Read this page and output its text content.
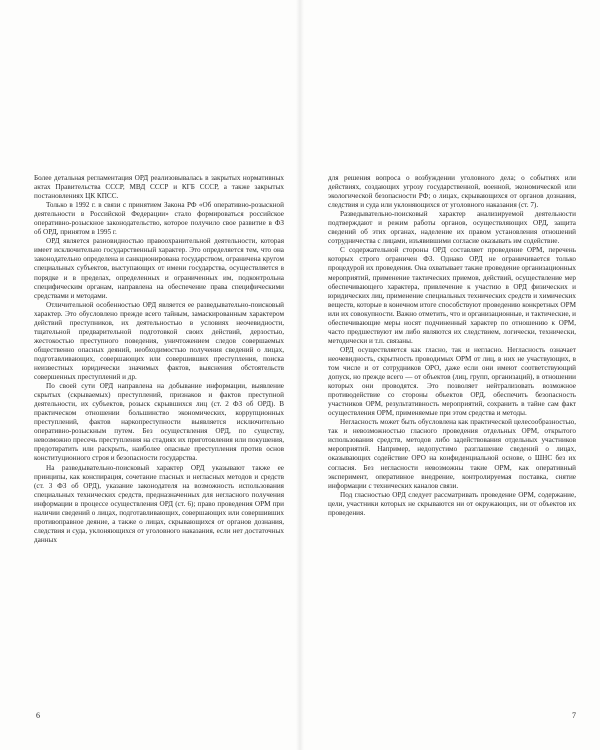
Более детальная регламентация ОРД реализовывалась в закрытых нормативных актах Правительства СССР, МВД СССР и КГБ СССР, а также закрытых постановлениях ЦК КПСС.

Только в 1992 г. в связи с принятием Закона РФ «Об оперативно-розыскной деятельности в Российской Федерации» стало формироваться российское оперативно-розыскное законодательство, которое получило свое развитие в ФЗ об ОРД, принятом в 1995 г.

ОРД является разновидностью правоохранительной деятельности, которая имеет исключительно государственный характер. Это определяется тем, что она законодательно определена и санкционирована государством, ограничена кругом специальных субъектов, выступающих от имени государства, осуществляется в порядке и в пределах, определенных и ограниченных им, подконтрольна специфическим органам, направлена на обеспечение права специфическими средствами и методами.

Отличительной особенностью ОРД является ее разведывательно-поисковый характер. Это обусловлено прежде всего тайным, замаскированным характером действий преступников, их деятельностью в условиях неочевидности, тщательной предварительной подготовкой своих действий, дерзостью, жестокостью преступного поведения, уничтожением следов совершаемых общественно опасных деяний, необходимостью получения сведений о лицах, подготавливающих, совершающих или совершивших преступления, поиска неизвестных юридически значимых фактов, выяснения обстоятельств совершенных преступлений и др.

По своей сути ОРД направлена на добывание информации, выявление скрытых (скрываемых) преступлений, признаков и фактов преступной деятельности, их субъектов, розыск скрывшихся лиц (ст. 2 ФЗ об ОРД). В практическом отношении большинство экономических, коррупционных преступлений, фактов наркопреступности выявляется исключительно оперативно-розыскным путем. Без осуществления ОРД, по существу, невозможно пресечь преступления на стадиях их приготовления или покушения, предотвратить или раскрыть, наиболее опасные преступления против основ конституционного строя и безопасности государства.

На разведывательно-поисковый характер ОРД указывают также ее принципы, как конспирация, сочетание гласных и негласных методов и средств (ст. 3 ФЗ об ОРД), указание законодателя на возможность использования специальных технических средств, предназначенных для негласного получения информации в процессе осуществления ОРД (ст. 6); право проведения ОРМ при наличии сведений о лицах, подготавливающих, совершающих или совершивших противоправное деяние, а также о лицах, скрывающихся от органов дознания, следствия и суда, уклоняющихся от уголовного наказания, если нет достаточных данных

для решения вопроса о возбуждении уголовного дела; о событиях или действиях, создающих угрозу государственной, военной, экономической или экологической безопасности РФ; о лицах, скрывающихся от органов дознания, следствия и суда или уклоняющихся от уголовного наказания (ст. 7).

Разведывательно-поисковый характер анализируемой деятельности подтверждают и режим работы органов, осуществляющих ОРД, защита сведений об этих органах, наделение их правом установления отношений сотрудничества с лицами, изъявившими согласие оказывать им содействие.

С содержательной стороны ОРД составляет проведение ОРМ, перечень которых строго ограничен ФЗ. Однако ОРД не ограничивается только процедурой их проведения. Она охватывает также проведение организационных мероприятий, применение тактических приемов, действий, осуществление мер обеспечивающего характера, привлечение к участию в ОРД физических и юридических лиц, применение специальных технических средств и химических веществ, которые в конечном итоге способствуют проведению конкретных ОРМ или их совокупности. Важно отметить, что и организационные, и тактические, и обеспечивающие меры носят подчиненный характер по отношению к ОРМ, часто предшествуют им либо являются их следствием, логически, технически, методически и т.п. связаны.

ОРД осуществляется как гласно, так и негласно. Негласность означает неочевидность, скрытность проводимых ОРМ от лиц, в них не участвующих, в том числе и от сотрудников ОРО, даже если они имеют соответствующий допуск, но прежде всего — от объектов (лиц, групп, организаций), в отношении которых они проводятся. Это позволяет нейтрализовать возможное противодействие со стороны объектов ОРД, обеспечить безопасность участников ОРМ, результативность мероприятий, сохранить в тайне сам факт осуществления ОРМ, применяемые при этом средства и методы.

Негласность может быть обусловлена как практической целесообразностью, так и невозможностью гласного проведения отдельных ОРМ, открытого использования средств, методов либо задействования отдельных участников мероприятий. Например, недопустимо разглашение сведений о лицах, оказывающих содействие ОРО на конфиденциальной основе, о ШНС без их согласия. Без негласности невозможны такие ОРМ, как оперативный эксперимент, оперативное внедрение, контролируемая поставка, снятие информации с технических каналов связи.

Под гласностью ОРД следует рассматривать проведение ОРМ, содержание, цели, участники которых не скрываются ни от окружающих, ни от объектов их проведения.

6	7
